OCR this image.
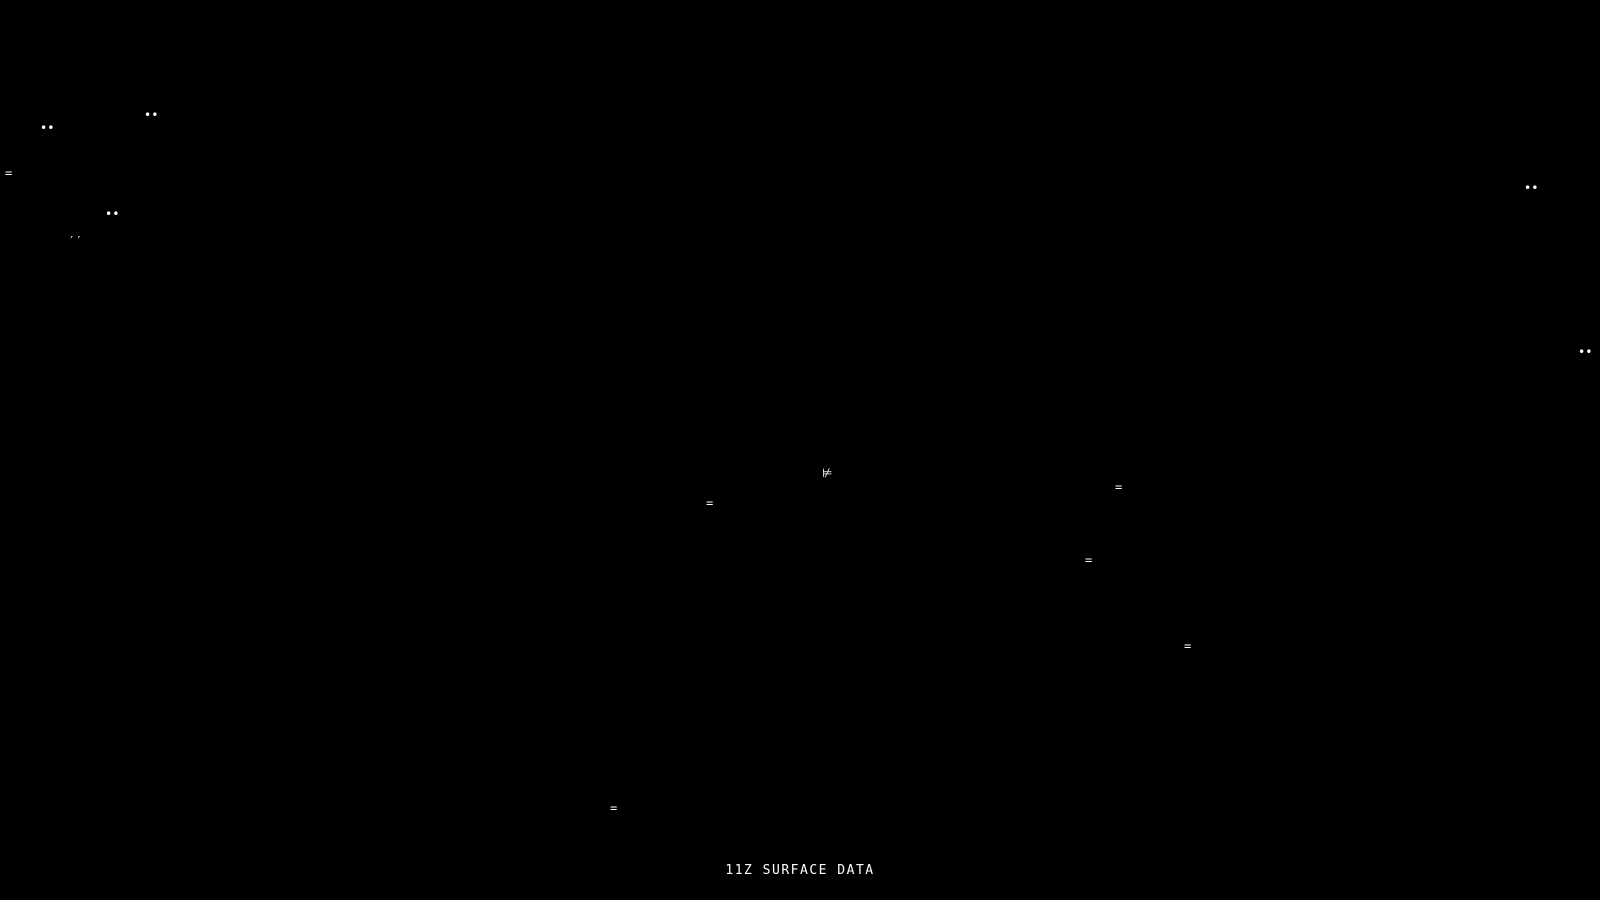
••
••
=
••
′′
••
••
=
⊭
=
=
=
=
11Z SURFACE DATA
